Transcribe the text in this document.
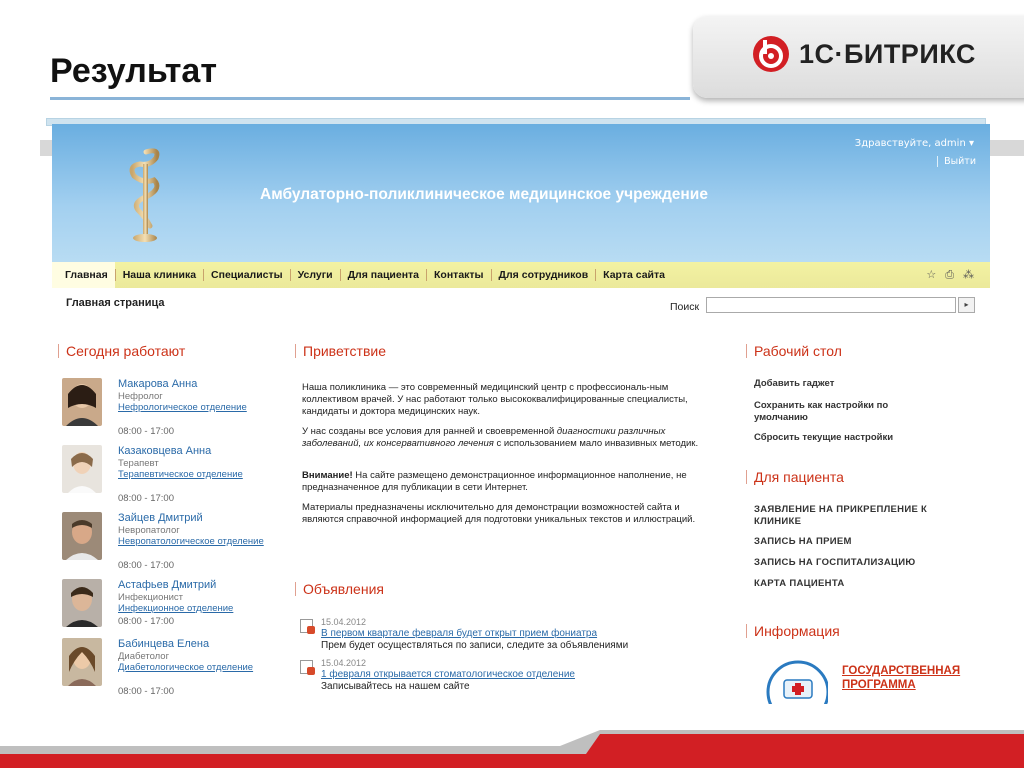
Результат	1С·БИТРИКС
Амбулаторно-поликлиническое медицинское учреждение
Здравствуйте, admin ▾
Выйти
Главная	Наша клиника	Специалисты	Услуги	Для пациента	Контакты	Для сотрудников	Карта сайта	☆ ⎙ ⁂
Главная страница	Поиск	▸
Сегодня работают
Макарова Анна
Нефролог
Нефрологическое отделение
08:00 - 17:00
Казаковцева Анна
Терапевт
Терапевтическое отделение
08:00 - 17:00
Зайцев Дмитрий
Невропатолог
Невропатологическое отделение
08:00 - 17:00
Астафьев Дмитрий
Инфекционист
Инфекционное отделение
08:00 - 17:00
Бабинцева Елена
Диабетолог
Диабетологическое отделение
08:00 - 17:00
Приветствие
Наша поликлиника — это современный медицинский центр с профессиональ-ным коллективом врачей. У нас работают только высококвалифицированные специалисты, кандидаты и доктора медицинских наук.
У нас созданы все условия для ранней и своевременной диагностики различных заболеваний, их консервативного лечения с использованием мало инвазивных методик.
Внимание! На сайте размещено демонстрационное информационное наполнение, не предназначенное для публикации в сети Интернет.
Материалы предназначены исключительно для демонстрации возможностей сайта и являются справочной информацией для подготовки уникальных текстов и иллюстраций.
Объявления
15.04.2012
В первом квартале февраля будет открыт прием фониатра
Прем будет осуществляться по записи, следите за объявлениями
15.04.2012
1 февраля открывается стоматологическое отделение
Записывайтесь на нашем сайте
Рабочий стол
Добавить гаджет
Сохранить как настройки по умолчанию
Сбросить текущие настройки
Для пациента
ЗАЯВЛЕНИЕ НА ПРИКРЕПЛЕНИЕ К КЛИНИКЕ
ЗАПИСЬ НА ПРИЕМ
ЗАПИСЬ НА ГОСПИТАЛИЗАЦИЮ
КАРТА ПАЦИЕНТА
Информация
ГОСУДАРСТВЕННАЯ ПРОГРАММА
